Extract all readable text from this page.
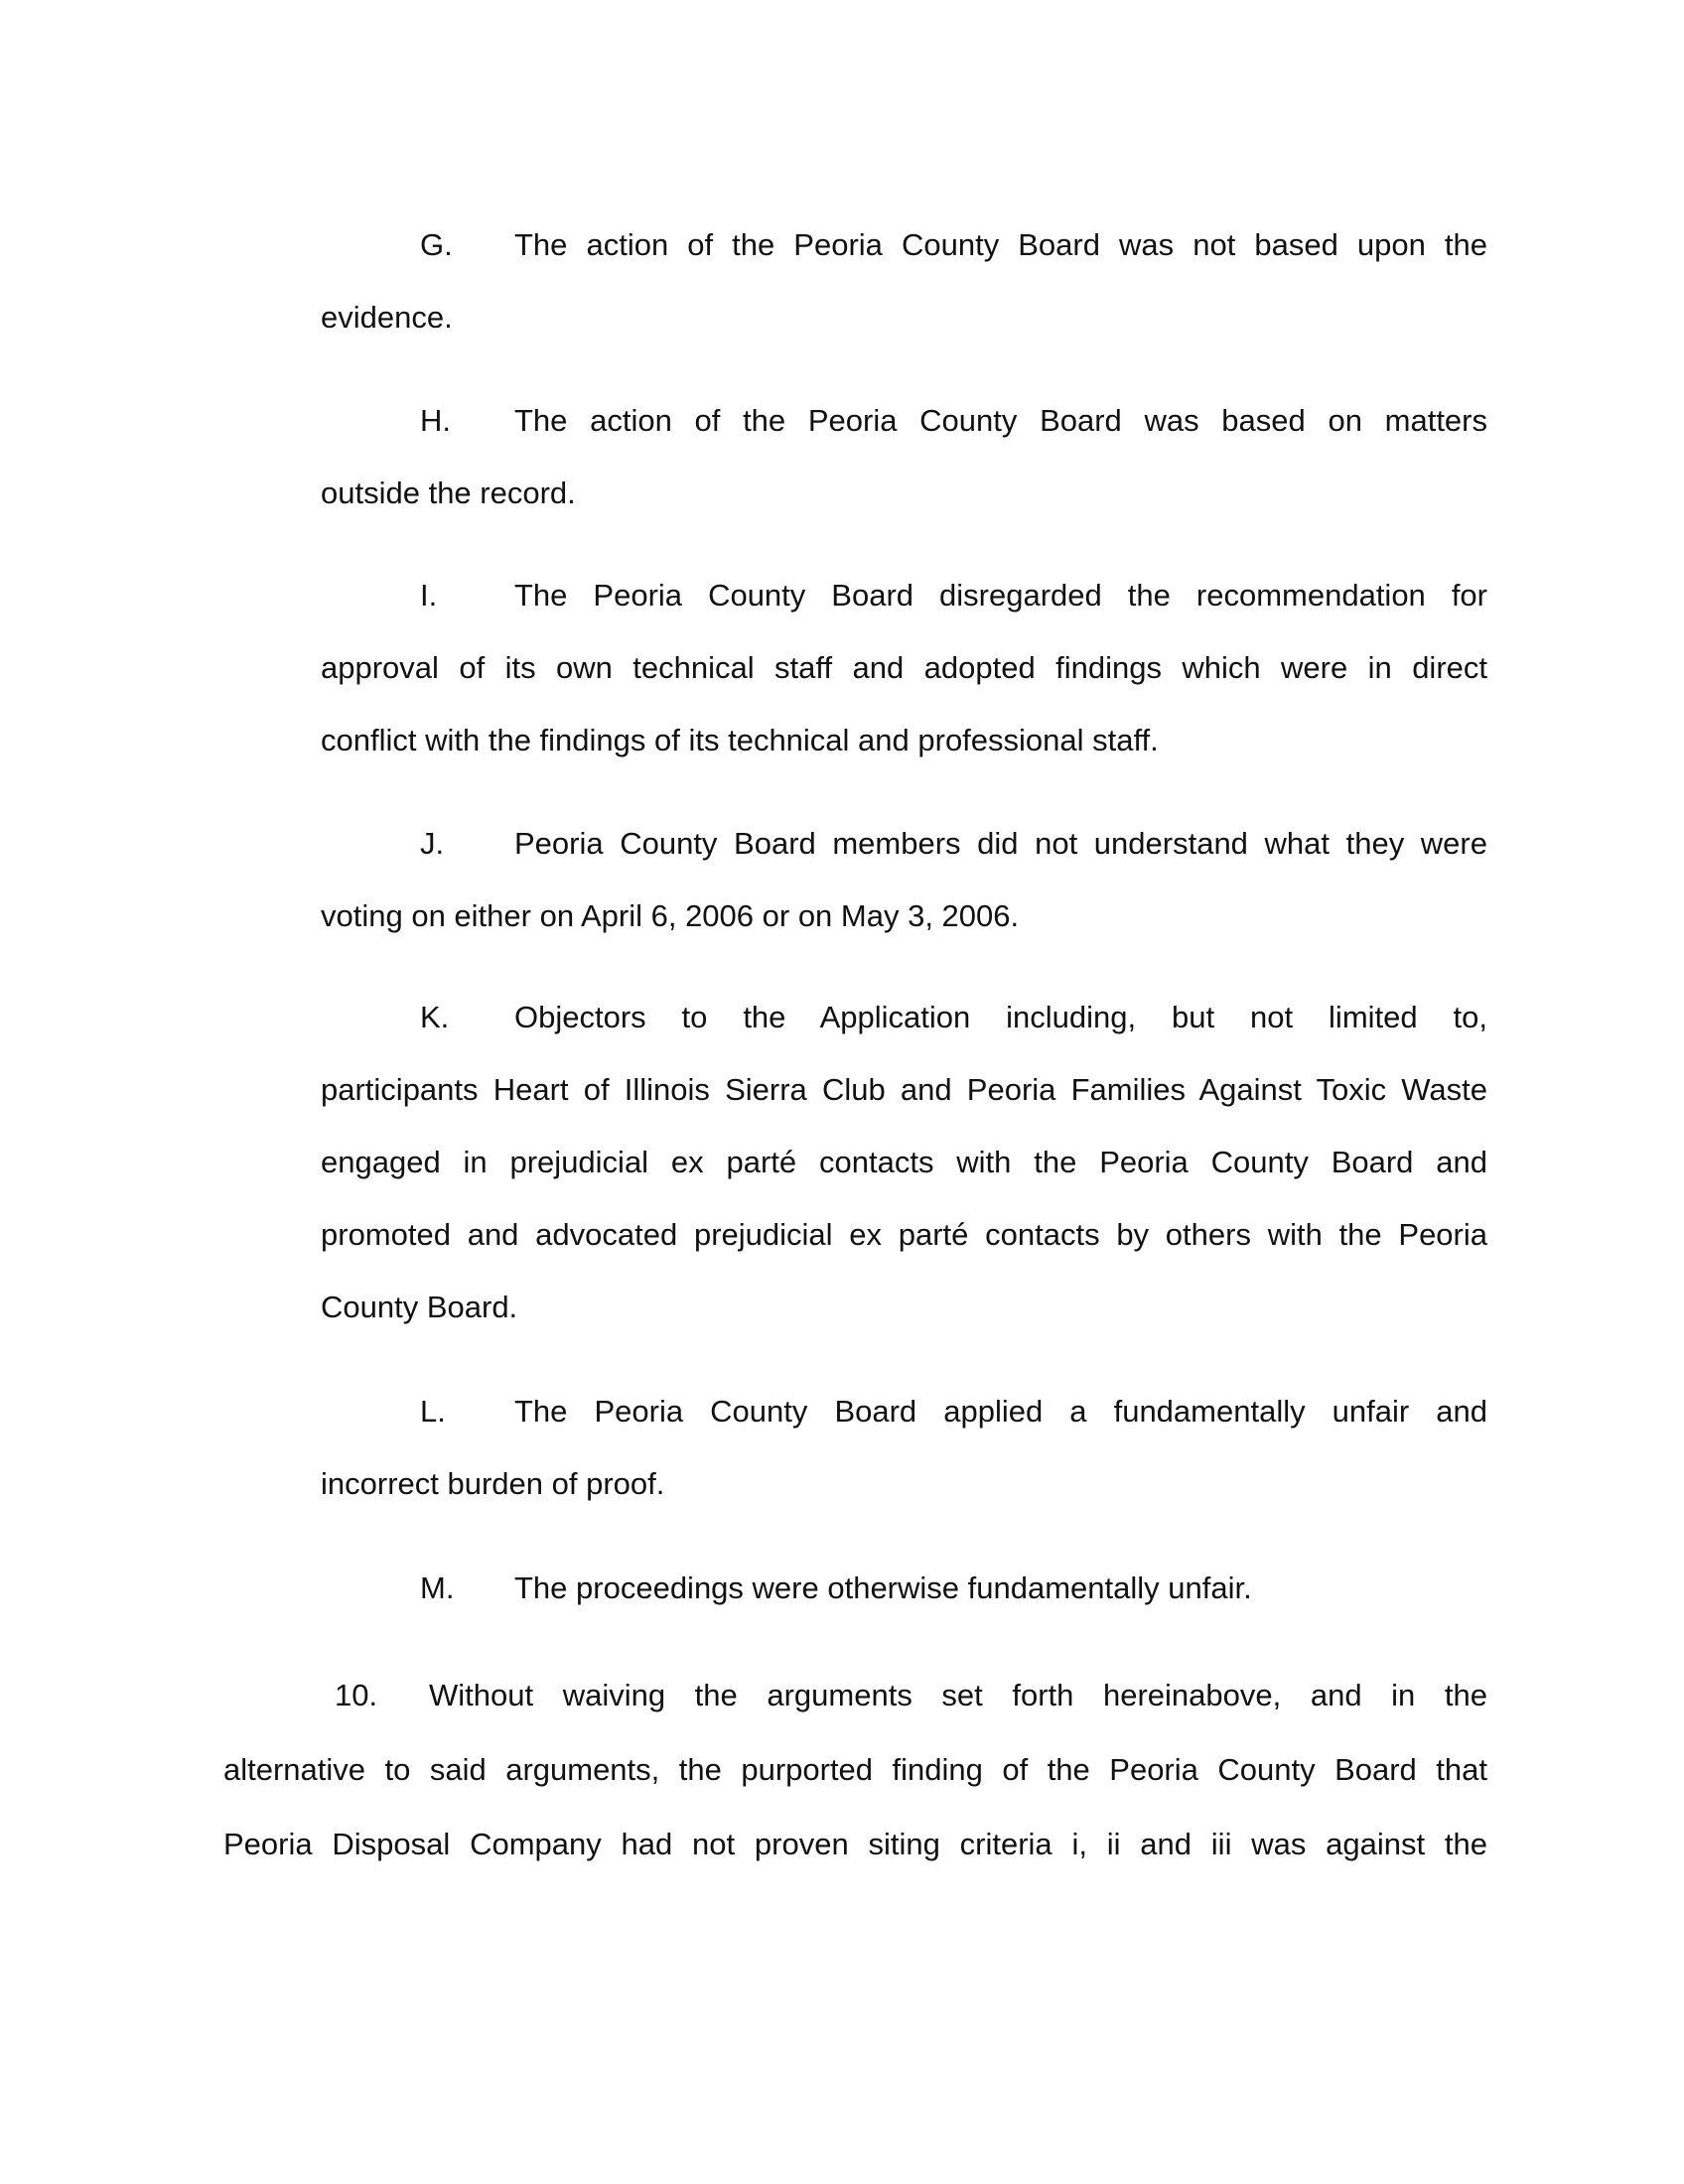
G.	The action of the Peoria County Board was not based upon the
evidence.
H.	The action of the Peoria County Board was based on matters
outside the record.
I.	The Peoria County Board disregarded the recommendation for
approval of its own technical staff and adopted findings which were in direct
conflict with the findings of its technical and professional staff.
J.	Peoria County Board members did not understand what they were
voting on either on April 6, 2006 or on May 3, 2006.
K.	Objectors to the Application including, but not limited to,
participants Heart of Illinois Sierra Club and Peoria Families Against Toxic Waste
engaged in prejudicial ex parté contacts with the Peoria County Board and
promoted and advocated prejudicial ex parté contacts by others with the Peoria
County Board.
L.	The Peoria County Board applied a fundamentally unfair and
incorrect burden of proof.
M.	The proceedings were otherwise fundamentally unfair.
10.	Without waiving the arguments set forth hereinabove, and in the
alternative to said arguments, the purported finding of the Peoria County Board that
Peoria Disposal Company had not proven siting criteria i, ii and iii was against the
